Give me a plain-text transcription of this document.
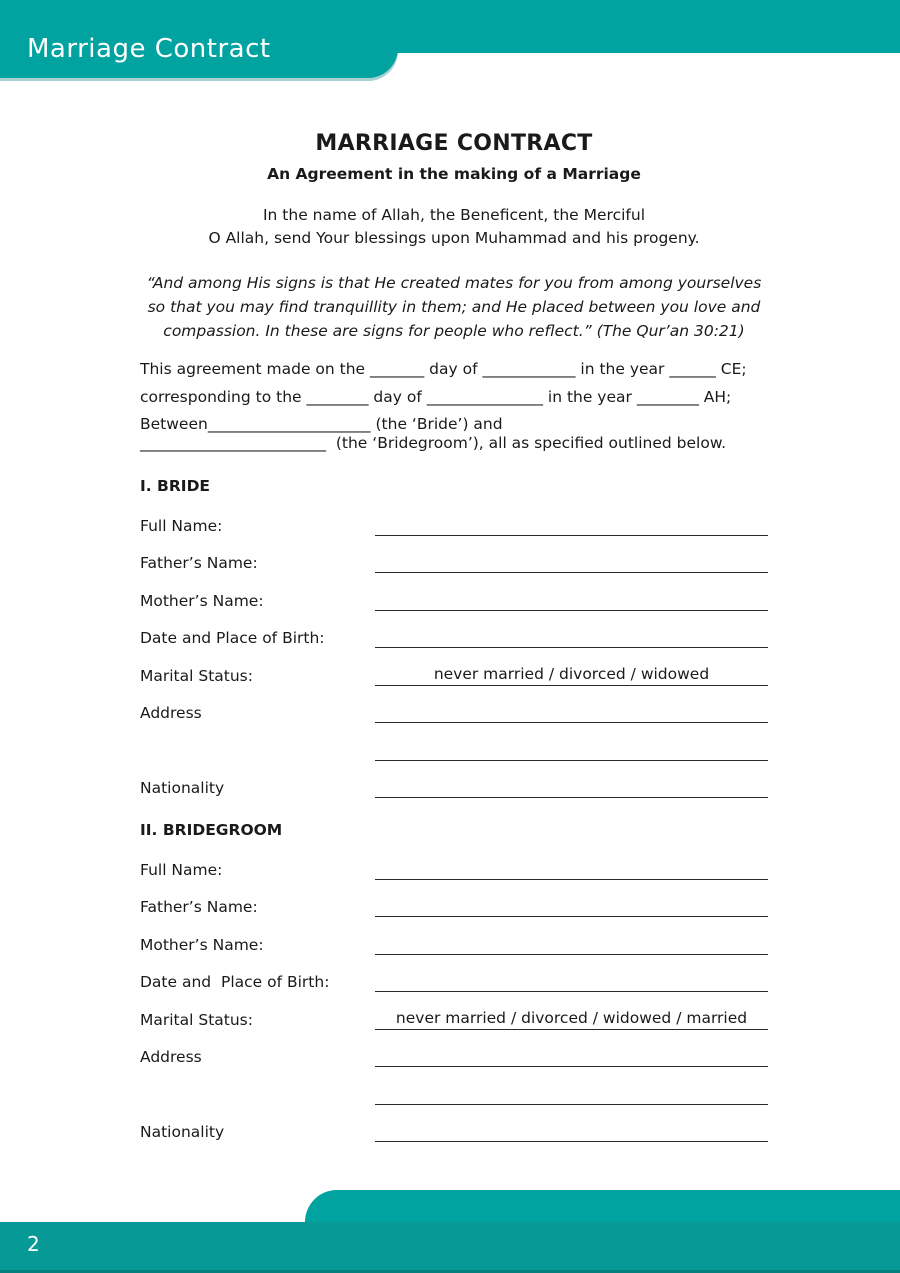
Marriage Contract
MARRIAGE CONTRACT
An Agreement in the making of a Marriage
In the name of Allah, the Beneficent, the Merciful
O Allah, send Your blessings upon Muhammad and his progeny.
“And among His signs is that He created mates for you from among yourselves
so that you may find tranquillity in them; and He placed between you love and
compassion. In these are signs for people who reflect.” (The Qur’an 30:21)

This agreement made on the _______ day of ____________ in the year ______ CE;

corresponding to the ________ day of _______________ in the year ________ AH;

Between_____________________ (the ‘Bride’) and

________________________  (the ‘Bridegroom’), all as specified outlined below.

I. BRIDE
Full Name:
Father’s Name:
Mother’s Name:
Date and Place of Birth:
Marital Status:	never married / divorced / widowed
Address
Nationality
II. BRIDEGROOM
Full Name:
Father’s Name:
Mother’s Name:
Date and  Place of Birth:
Marital Status:	never married / divorced / widowed / married
Address
Nationality
2
